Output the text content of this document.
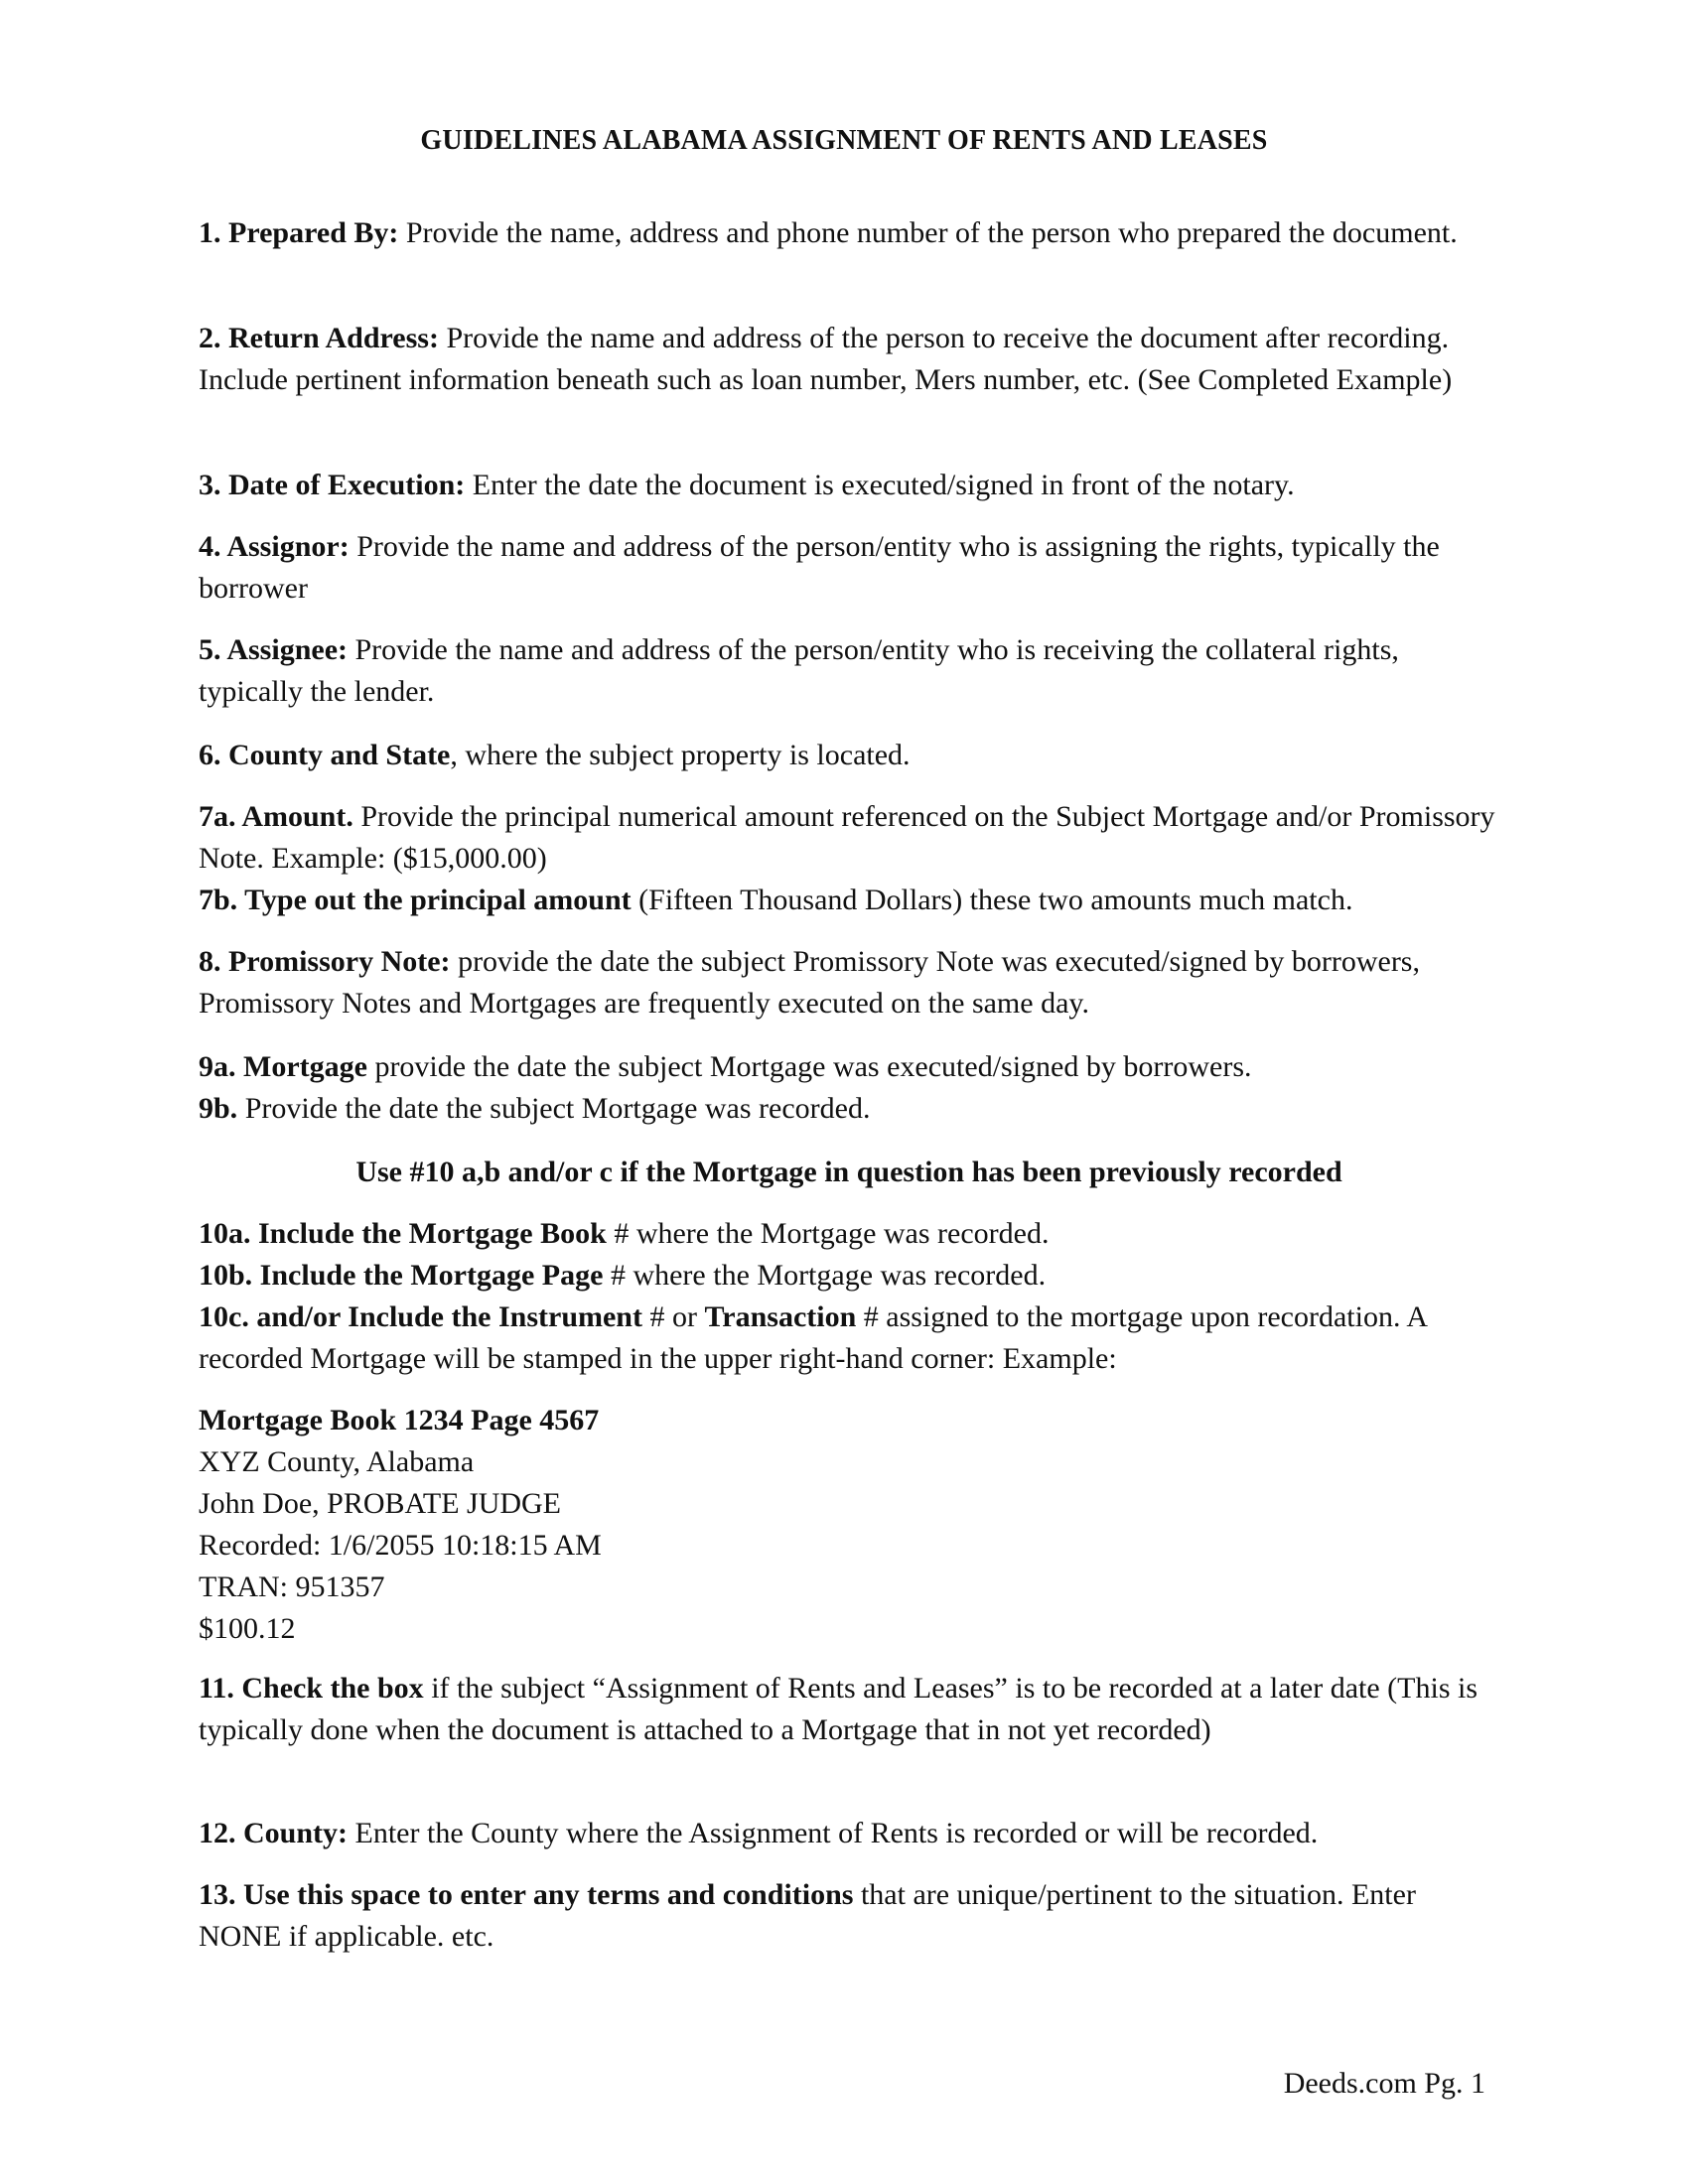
GUIDELINES ALABAMA ASSIGNMENT OF RENTS AND LEASES

1. Prepared By: Provide the name, address and phone number of the person who prepared the document.

2. Return Address: Provide the name and address of the person to receive the document after recording. Include pertinent information beneath such as loan number, Mers number, etc. (See Completed Example)

3. Date of Execution: Enter the date the document is executed/signed in front of the notary.

4. Assignor: Provide the name and address of the person/entity who is assigning the rights, typically the borrower

5. Assignee: Provide the name and address of the person/entity who is receiving the collateral rights, typically the lender.

6. County and State, where the subject property is located.

7a. Amount. Provide the principal numerical amount referenced on the Subject Mortgage and/or Promissory Note. Example: ($15,000.00)

7b. Type out the principal amount (Fifteen Thousand Dollars) these two amounts much match.

8. Promissory Note: provide the date the subject Promissory Note was executed/signed by borrowers, Promissory Notes and Mortgages are frequently executed on the same day.

9a. Mortgage provide the date the subject Mortgage was executed/signed by borrowers.

9b. Provide the date the subject Mortgage was recorded.

Use #10 a,b and/or c if the Mortgage in question has been previously recorded

10a. Include the Mortgage Book # where the Mortgage was recorded.

10b. Include the Mortgage Page # where the Mortgage was recorded.

10c. and/or Include the Instrument # or Transaction # assigned to the mortgage upon recordation. A recorded Mortgage will be stamped in the upper right-hand corner: Example:

Mortgage Book 1234 Page 4567

XYZ County, Alabama

John Doe, PROBATE JUDGE

Recorded: 1/6/2055 10:18:15 AM

TRAN: 951357

$100.12

11. Check the box if the subject “Assignment of Rents and Leases” is to be recorded at a later date (This is typically done when the document is attached to a Mortgage that in not yet recorded)

12. County: Enter the County where the Assignment of Rents is recorded or will be recorded.

13. Use this space to enter any terms and conditions that are unique/pertinent to the situation. Enter NONE if applicable. etc.

Deeds.com Pg. 1
